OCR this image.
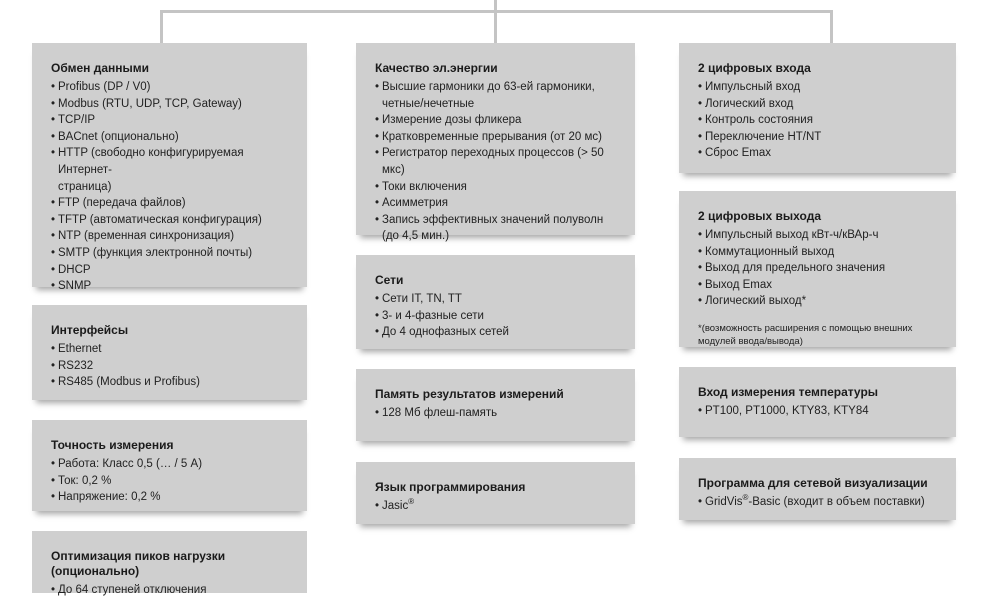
Обмен данными
• Profibus (DP / V0)
• Modbus (RTU, UDP, TCP, Gateway)
• TCP/IP
• BACnet (опционально)
• HTTP (свободно конфигурируемая Интернет-
страница)
• FTP (передача файлов)
• TFTP (автоматическая конфигурация)
• NTP (временная синхронизация)
• SMTP (функция электронной почты)
• DHCP
• SNMP
Интерфейсы
• Ethernet
• RS232
• RS485 (Modbus и Profibus)
Точность измерения
• Работа: Класс 0,5 (… / 5 А)
• Ток: 0,2 %
• Напряжение: 0,2 %
Оптимизация пиков нагрузки (опционально)
• До 64 ступеней отключения
Качество эл.энергии
• Высшие гармоники до 63-ей гармоники,
четные/нечетные
• Измерение дозы фликера
• Кратковременные прерывания (от 20 мс)
• Регистратор переходных процессов (> 50 мкс)
• Токи включения
• Асимметрия
• Запись эффективных значений полуволн
(до 4,5 мин.)
Сети
• Сети IT, TN, TT
• 3- и 4-фазные сети
• До 4 однофазных сетей
Память результатов измерений
• 128 Мб флеш-память
Язык программирования
• Jasic®
2 цифровых входа
• Импульсный вход
• Логический вход
• Контроль состояния
• Переключение HT/NT
• Сброс Emax
2 цифровых выхода
• Импульсный выход кВт-ч/кВАр-ч
• Коммутационный выход
• Выход для предельного значения
• Выход Emax
• Логический выход*
*(возможность расширения с помощью внешних модулей ввода/вывода)
Вход измерения температуры
• PT100, PT1000, KTY83, KTY84
Программа для сетевой визуализации
• GridVis®-Basic (входит в объем поставки)
